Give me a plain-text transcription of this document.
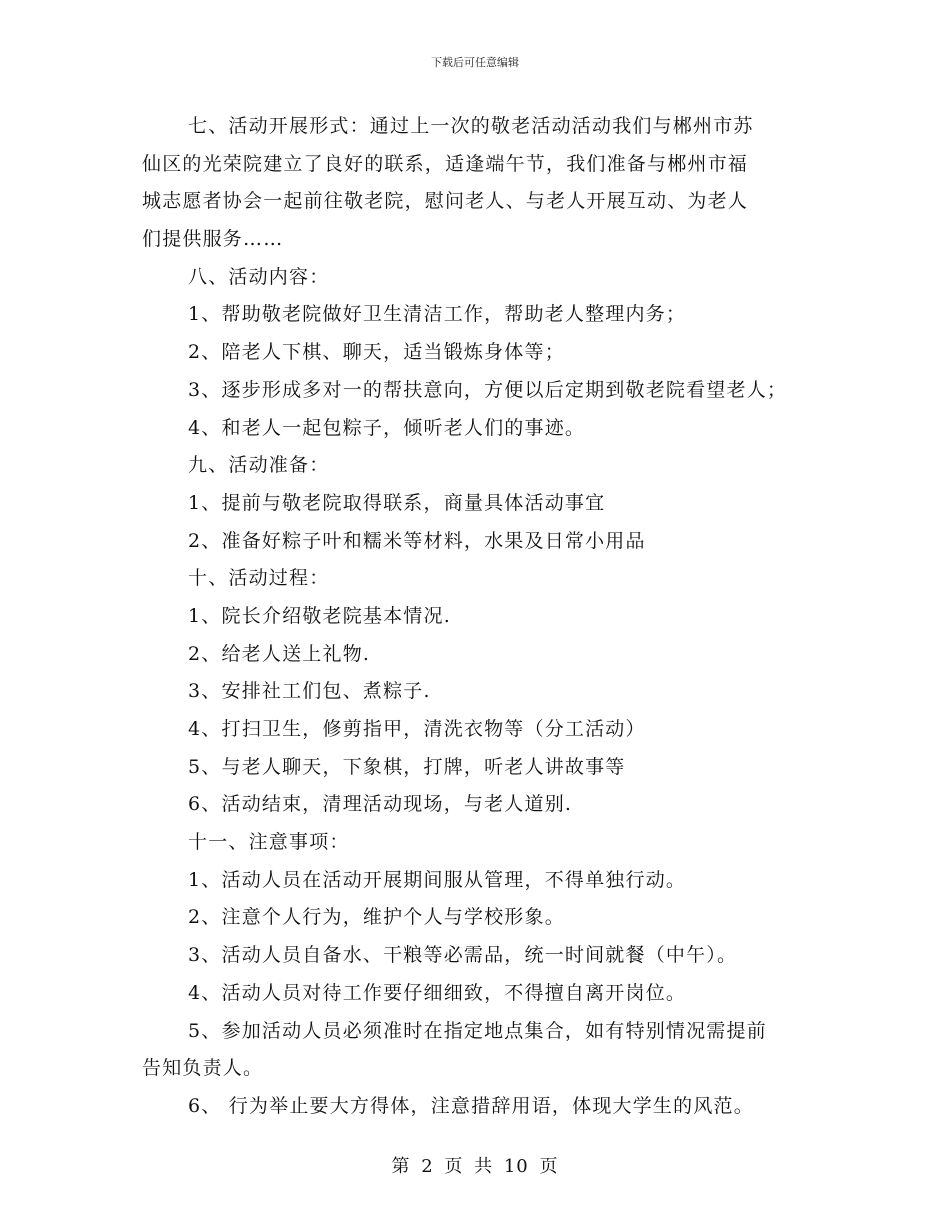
下载后可任意编辑
七、活动开展形式：通过上一次的敬老活动活动我们与郴州市苏
仙区的光荣院建立了良好的联系，适逢端午节，我们准备与郴州市福
城志愿者协会一起前往敬老院，慰问老人、与老人开展互动、为老人
们提供服务……
八、活动内容：
1、帮助敬老院做好卫生清洁工作，帮助老人整理内务；
2、陪老人下棋、聊天，适当锻炼身体等；
3、逐步形成多对一的帮扶意向，方便以后定期到敬老院看望老人；
4、和老人一起包粽子，倾听老人们的事迹。
九、活动准备：
1、提前与敬老院取得联系，商量具体活动事宜
2、准备好粽子叶和糯米等材料，水果及日常小用品
十、活动过程：
1、院长介绍敬老院基本情况.
2、给老人送上礼物.
3、安排社工们包、煮粽子.
4、打扫卫生，修剪指甲，清洗衣物等（分工活动）
5、与老人聊天，下象棋，打牌，听老人讲故事等
6、活动结束，清理活动现场，与老人道别.
十一、注意事项：
1、活动人员在活动开展期间服从管理，不得单独行动。
2、注意个人行为，维护个人与学校形象。
3、活动人员自备水、干粮等必需品，统一时间就餐（中午）。
4、活动人员对待工作要仔细细致，不得擅自离开岗位。
5、参加活动人员必须准时在指定地点集合，如有特别情况需提前
告知负责人。
6、 行为举止要大方得体，注意措辞用语，体现大学生的风范。
第 2 页 共 10 页
